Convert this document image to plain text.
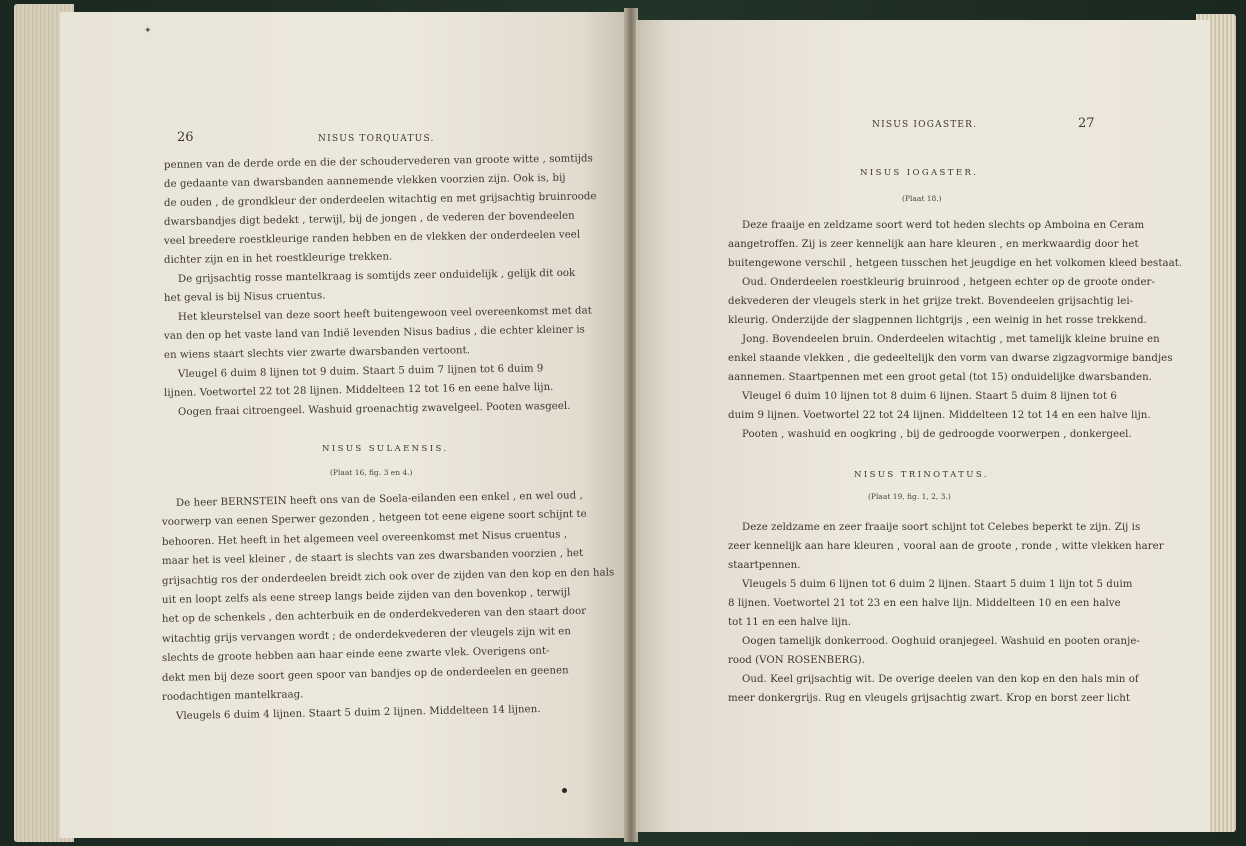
26	NISUS TORQUATUS.
pennen van de derde orde en die der schoudervederen van groote witte , somtijds
de gedaante van dwarsbanden aannemende vlekken voorzien zijn. Ook is, bij
de ouden , de grondkleur der onderdeelen witachtig en met grijsachtig bruinroode
dwarsbandjes digt bedekt , terwijl, bij de jongen , de vederen der bovendeelen
veel breedere roestkleurige randen hebben en de vlekken der onderdeelen veel
dichter zijn en in het roestkleurige trekken.
De grijsachtig rosse mantelkraag is somtijds zeer onduidelijk , gelijk dit ook
het geval is bij Nisus cruentus.
Het kleurstelsel van deze soort heeft buitengewoon veel overeenkomst met dat
van den op het vaste land van Indië levenden Nisus badius , die echter kleiner is
en wiens staart slechts vier zwarte dwarsbanden vertoont.
Vleugel 6 duim 8 lijnen tot 9 duim. Staart 5 duim 7 lijnen tot 6 duim 9
lijnen. Voetwortel 22 tot 28 lijnen. Middelteen 12 tot 16 en eene halve lijn.
Oogen fraai citroengeel. Washuid groenachtig zwavelgeel. Pooten wasgeel.
NISUS SULAENSIS.
(Plaat 16, fig. 3 en 4.)
De heer BERNSTEIN heeft ons van de Soela-eilanden een enkel , en wel oud ,
voorwerp van eenen Sperwer gezonden , hetgeen tot eene eigene soort schijnt te
behooren. Het heeft in het algemeen veel overeenkomst met Nisus cruentus ,
maar het is veel kleiner , de staart is slechts van zes dwarsbanden voorzien , het
grijsachtig ros der onderdeelen breidt zich ook over de zijden van den kop en den hals
uit en loopt zelfs als eene streep langs beide zijden van den bovenkop , terwijl
het op de schenkels , den achterbuik en de onderdekvederen van den staart door
witachtig grijs vervangen wordt ; de onderdekvederen der vleugels zijn wit en
slechts de groote hebben aan haar einde eene zwarte vlek. Overigens ont-
dekt men bij deze soort geen spoor van bandjes op de onderdeelen en geenen
roodachtigen mantelkraag.
Vleugels 6 duim 4 lijnen. Staart 5 duim 2 lijnen. Middelteen 14 lijnen.
✦
NISUS IOGASTER.	27
NISUS IOGASTER.
(Plaat 18.)
Deze fraaije en zeldzame soort werd tot heden slechts op Amboina en Ceram
aangetroffen. Zij is zeer kennelijk aan hare kleuren , en merkwaardig door het
buitengewone verschil , hetgeen tusschen het jeugdige en het volkomen kleed bestaat.
Oud. Onderdeelen roestkleurig bruinrood , hetgeen echter op de groote onder-
dekvederen der vleugels sterk in het grijze trekt. Bovendeelen grijsachtig lei-
kleurig. Onderzijde der slagpennen lichtgrijs , een weinig in het rosse trekkend.
Jong. Bovendeelen bruin. Onderdeelen witachtig , met tamelijk kleine bruine en
enkel staande vlekken , die gedeeltelijk den vorm van dwarse zigzagvormige bandjes
aannemen. Staartpennen met een groot getal (tot 15) onduidelijke dwarsbanden.
Vleugel 6 duim 10 lijnen tot 8 duim 6 lijnen. Staart 5 duim 8 lijnen tot 6
duim 9 lijnen. Voetwortel 22 tot 24 lijnen. Middelteen 12 tot 14 en een halve lijn.
Pooten , washuid en oogkring , bij de gedroogde voorwerpen , donkergeel.
NISUS TRINOTATUS.
(Plaat 19, fig. 1, 2, 3.)
Deze zeldzame en zeer fraaije soort schijnt tot Celebes beperkt te zijn. Zij is
zeer kennelijk aan hare kleuren , vooral aan de groote , ronde , witte vlekken harer
staartpennen.
Vleugels 5 duim 6 lijnen tot 6 duim 2 lijnen. Staart 5 duim 1 lijn tot 5 duim
8 lijnen. Voetwortel 21 tot 23 en een halve lijn. Middelteen 10 en een halve
tot 11 en een halve lijn.
Oogen tamelijk donkerrood. Ooghuid oranjegeel. Washuid en pooten oranje-
rood (VON ROSENBERG).
Oud. Keel grijsachtig wit. De overige deelen van den kop en den hals min of
meer donkergrijs. Rug en vleugels grijsachtig zwart. Krop en borst zeer licht
